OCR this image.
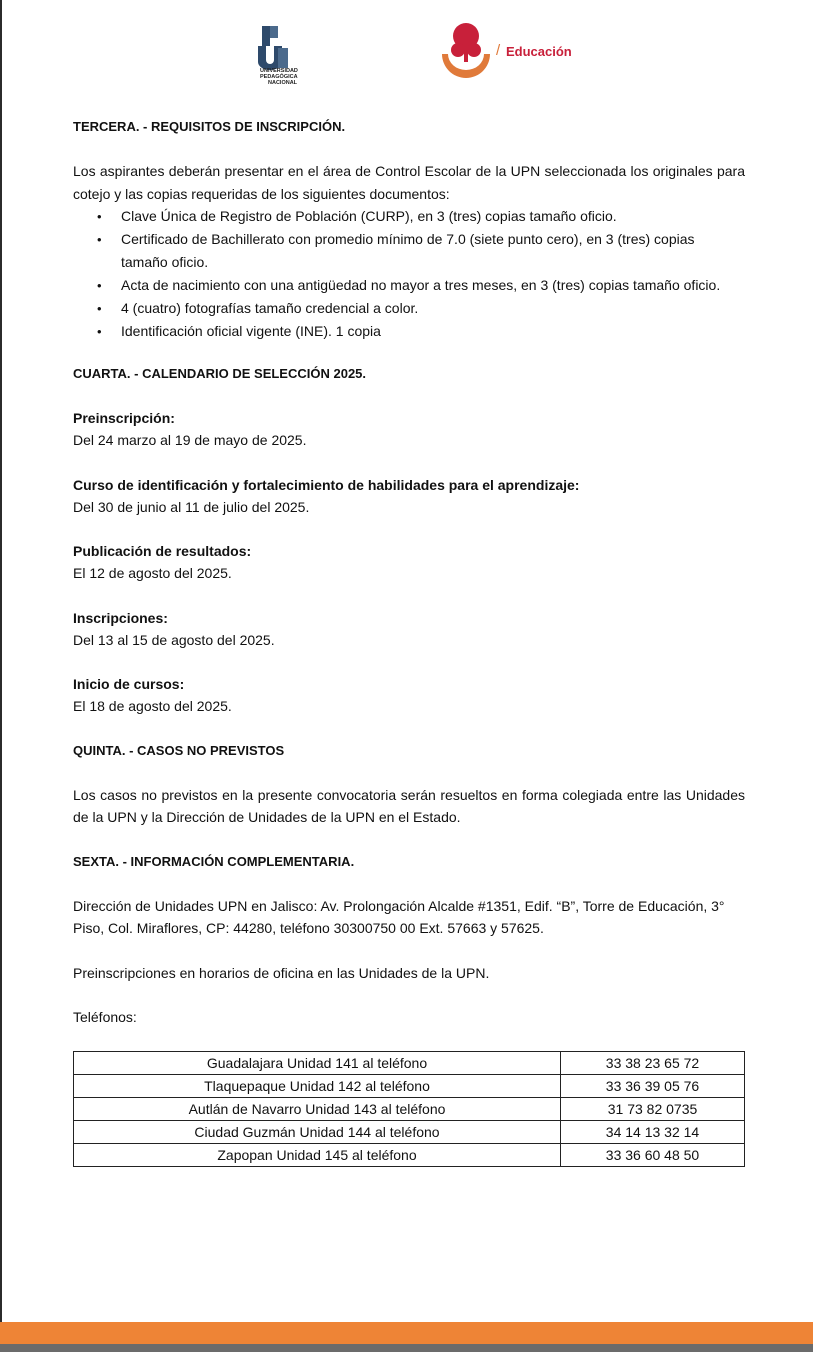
UNIVERSIDAD
PEDAGÓGICA
NACIONAL
/ Educación
TERCERA. - REQUISITOS DE INSCRIPCIÓN.

Los aspirantes deberán presentar en el área de Control Escolar de la UPN seleccionada los originales para cotejo y las copias requeridas de los siguientes documentos:

• Clave Única de Registro de Población (CURP), en 3 (tres) copias tamaño oficio.
• Certificado de Bachillerato con promedio mínimo de 7.0 (siete punto cero), en 3 (tres) copias tamaño oficio.
• Acta de nacimiento con una antigüedad no mayor a tres meses, en 3 (tres) copias tamaño oficio.
• 4 (cuatro) fotografías tamaño credencial a color.
• Identificación oficial vigente (INE). 1 copia
CUARTA. - CALENDARIO DE SELECCIÓN 2025.

Preinscripción:

Del 24 marzo al 19 de mayo de 2025.

Curso de identificación y fortalecimiento de habilidades para el aprendizaje:

Del 30 de junio al 11 de julio del 2025.

Publicación de resultados:

El 12 de agosto del 2025.

Inscripciones:

Del 13 al 15 de agosto del 2025.

Inicio de cursos:

El 18 de agosto del 2025.

QUINTA. - CASOS NO PREVISTOS

Los casos no previstos en la presente convocatoria serán resueltos en forma colegiada entre las Unidades de la UPN y la Dirección de Unidades de la UPN en el Estado.

SEXTA. - INFORMACIÓN COMPLEMENTARIA.

Dirección de Unidades UPN en Jalisco: Av. Prolongación Alcalde #1351, Edif. “B”, Torre de Educación, 3° Piso, Col. Miraflores, CP: 44280, teléfono 30300750 00 Ext. 57663 y 57625.

Preinscripciones en horarios de oficina en las Unidades de la UPN.

Teléfonos:

Guadalajara Unidad 141 al teléfono	33 38 23 65 72
Tlaquepaque Unidad 142 al teléfono	33 36 39 05 76
Autlán de Navarro Unidad 143 al teléfono	31 73 82 0735
Ciudad Guzmán Unidad 144 al teléfono	34 14 13 32 14
Zapopan Unidad 145 al teléfono	33 36 60 48 50
